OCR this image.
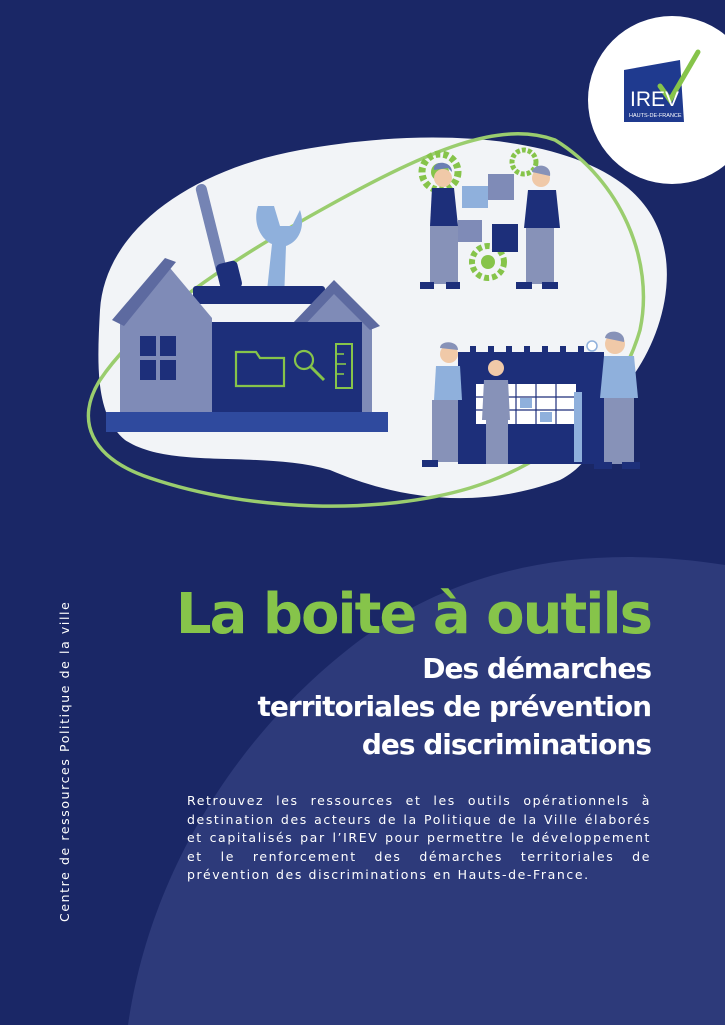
IREV
HAUTS-DE-FRANCE
Centre de ressources Politique de la ville La boite à outils
Des démarches
territoriales de prévention
des discriminations
Retrouvez les ressources et les outils opérationnels à destination des acteurs de la Politique de la Ville élaborés et capitalisés par l’IREV pour permettre le développement et le renforcement des démarches territoriales de prévention des discriminations en Hauts-de-France.
